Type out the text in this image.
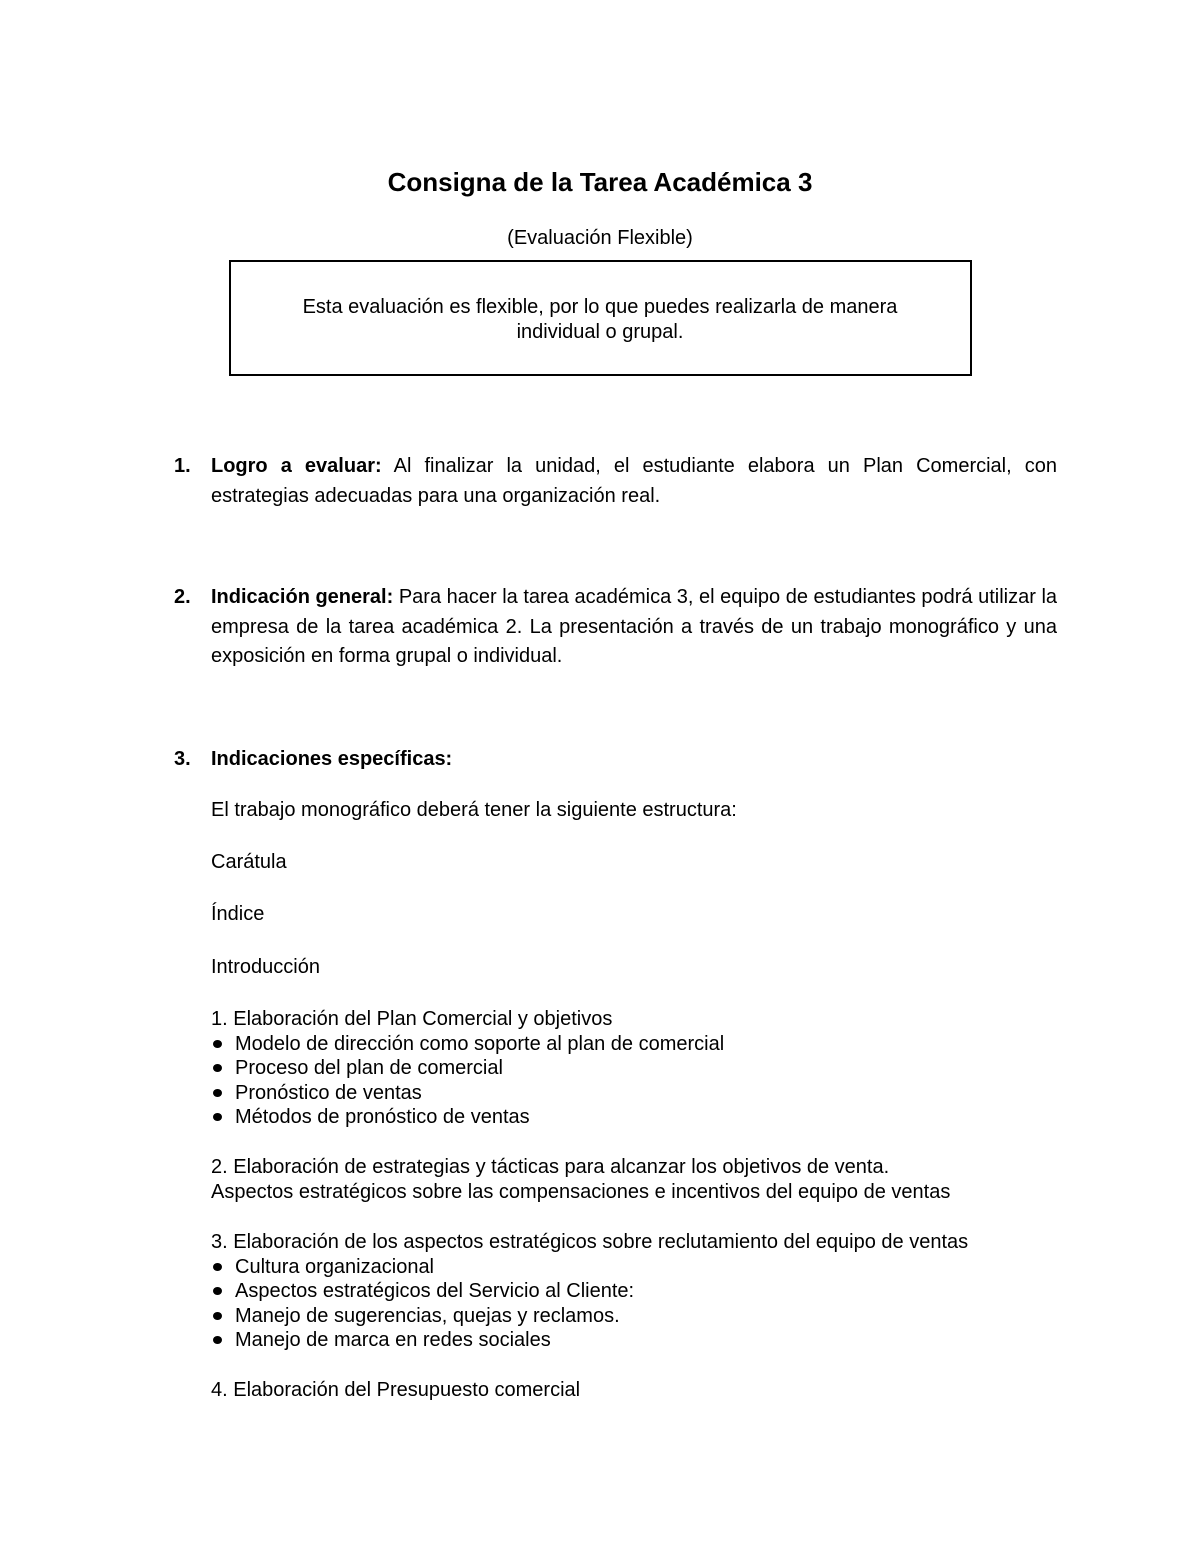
Consigna de la Tarea Académica 3
(Evaluación Flexible)
Esta evaluación es flexible, por lo que puedes realizarla de manera individual o grupal.
1. Logro a evaluar: Al finalizar la unidad, el estudiante elabora un Plan Comercial, con estrategias adecuadas para una organización real.
2. Indicación general: Para hacer la tarea académica 3, el equipo de estudiantes podrá utilizar la empresa de la tarea académica 2. La presentación a través de un trabajo monográfico y una exposición en forma grupal o individual.
3. Indicaciones específicas:
El trabajo monográfico deberá tener la siguiente estructura:
Carátula
Índice
Introducción
1. Elaboración del Plan Comercial y objetivos
Modelo de dirección como soporte al plan de comercial
Proceso del plan de comercial
Pronóstico de ventas
Métodos de pronóstico de ventas
2. Elaboración de estrategias y tácticas para alcanzar los objetivos de venta.
Aspectos estratégicos sobre las compensaciones e incentivos del equipo de ventas
3. Elaboración de los aspectos estratégicos sobre reclutamiento del equipo de ventas
Cultura organizacional
Aspectos estratégicos del Servicio al Cliente:
Manejo de sugerencias, quejas y reclamos.
Manejo de marca en redes sociales
4. Elaboración del Presupuesto comercial
